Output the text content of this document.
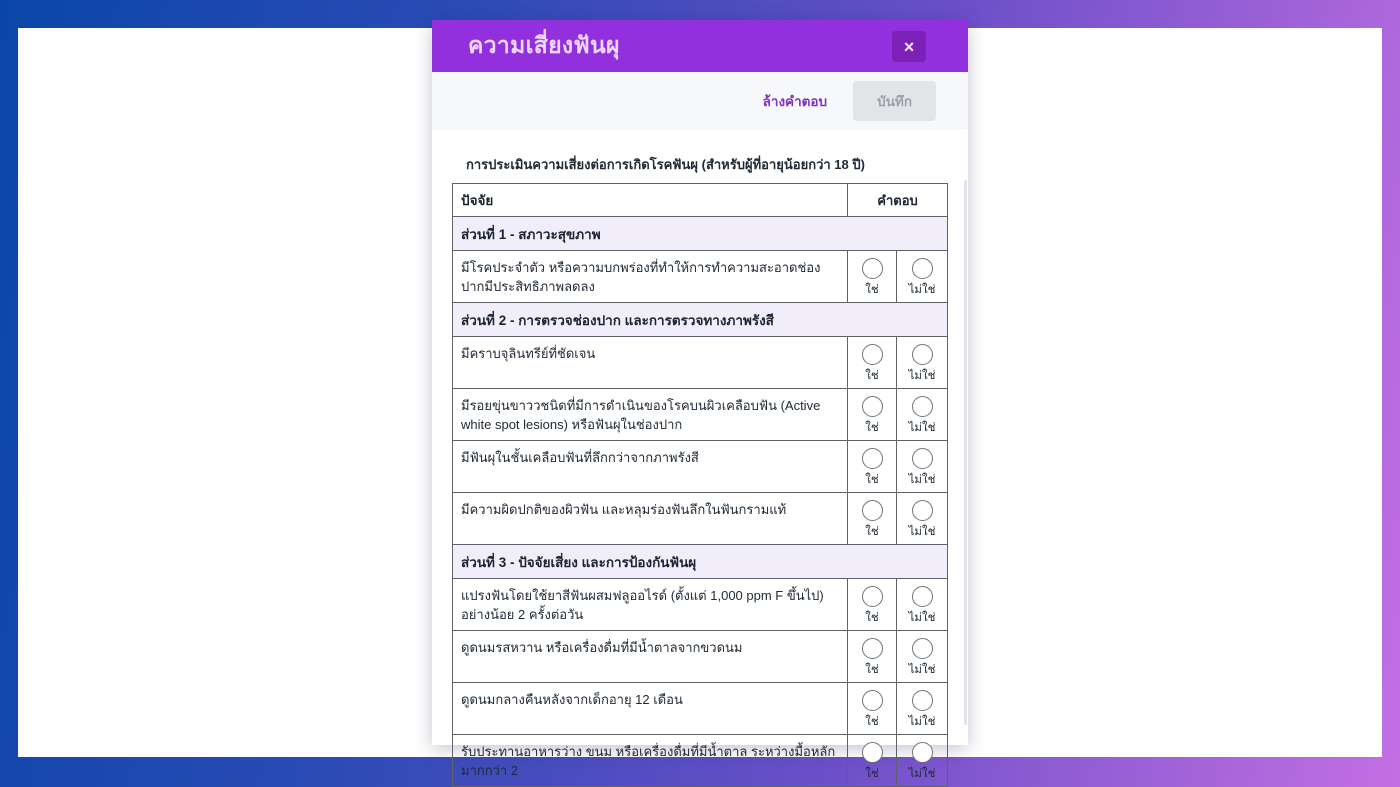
ความเสี่ยงฟันผุ	×
ล้างคำตอบ	บันทึก

การประเมินความเสี่ยงต่อการเกิดโรคฟันผุ (สำหรับผู้ที่อายุน้อยกว่า 18 ปี)

ปัจจัย	คำตอบ	
ส่วนที่ 1 - สภาวะสุขภาพ		
มีโรคประจำตัว หรือความบกพร่องที่ทำให้การทำความสะอาดช่องปากมีประสิทธิภาพลดลง	ใช่	ไม่ใช่

ส่วนที่ 2 - การตรวจช่องปาก และการตรวจทางภาพรังสี		
มีคราบจุลินทรีย์ที่ชัดเจน	ใช่	ไม่ใช่

มีรอยขุ่นขาววชนิดที่มีการดำเนินของโรคบนผิวเคลือบฟัน (Active white spot lesions) หรือฟันผุในช่องปาก	ใช่	ไม่ใช่

มีฟันผุในชั้นเคลือบฟันที่ลึกกว่าจากภาพรังสี	ใช่	ไม่ใช่

มีความผิดปกติของผิวฟัน และหลุมร่องฟันลึกในฟันกรามแท้	ใช่	ไม่ใช่

ส่วนที่ 3 - ปัจจัยเสี่ยง และการป้องกันฟันผุ		
แปรงฟันโดยใช้ยาสีฟันผสมฟลูออไรด์ (ตั้งแต่ 1,000 ppm F ขึ้นไป) อย่างน้อย 2 ครั้งต่อวัน	ใช่	ไม่ใช่

ดูดนมรสหวาน หรือเครื่องดื่มที่มีน้ำตาลจากขวดนม	ใช่	ไม่ใช่

ดูดนมกลางคืนหลังจากเด็กอายุ 12 เดือน	ใช่	ไม่ใช่

รับประทานอาหารว่าง ขนม หรือเครื่องดื่มที่มีน้ำตาล ระหว่างมื้อหลักมากกว่า 2	ใช่	ไม่ใช่
